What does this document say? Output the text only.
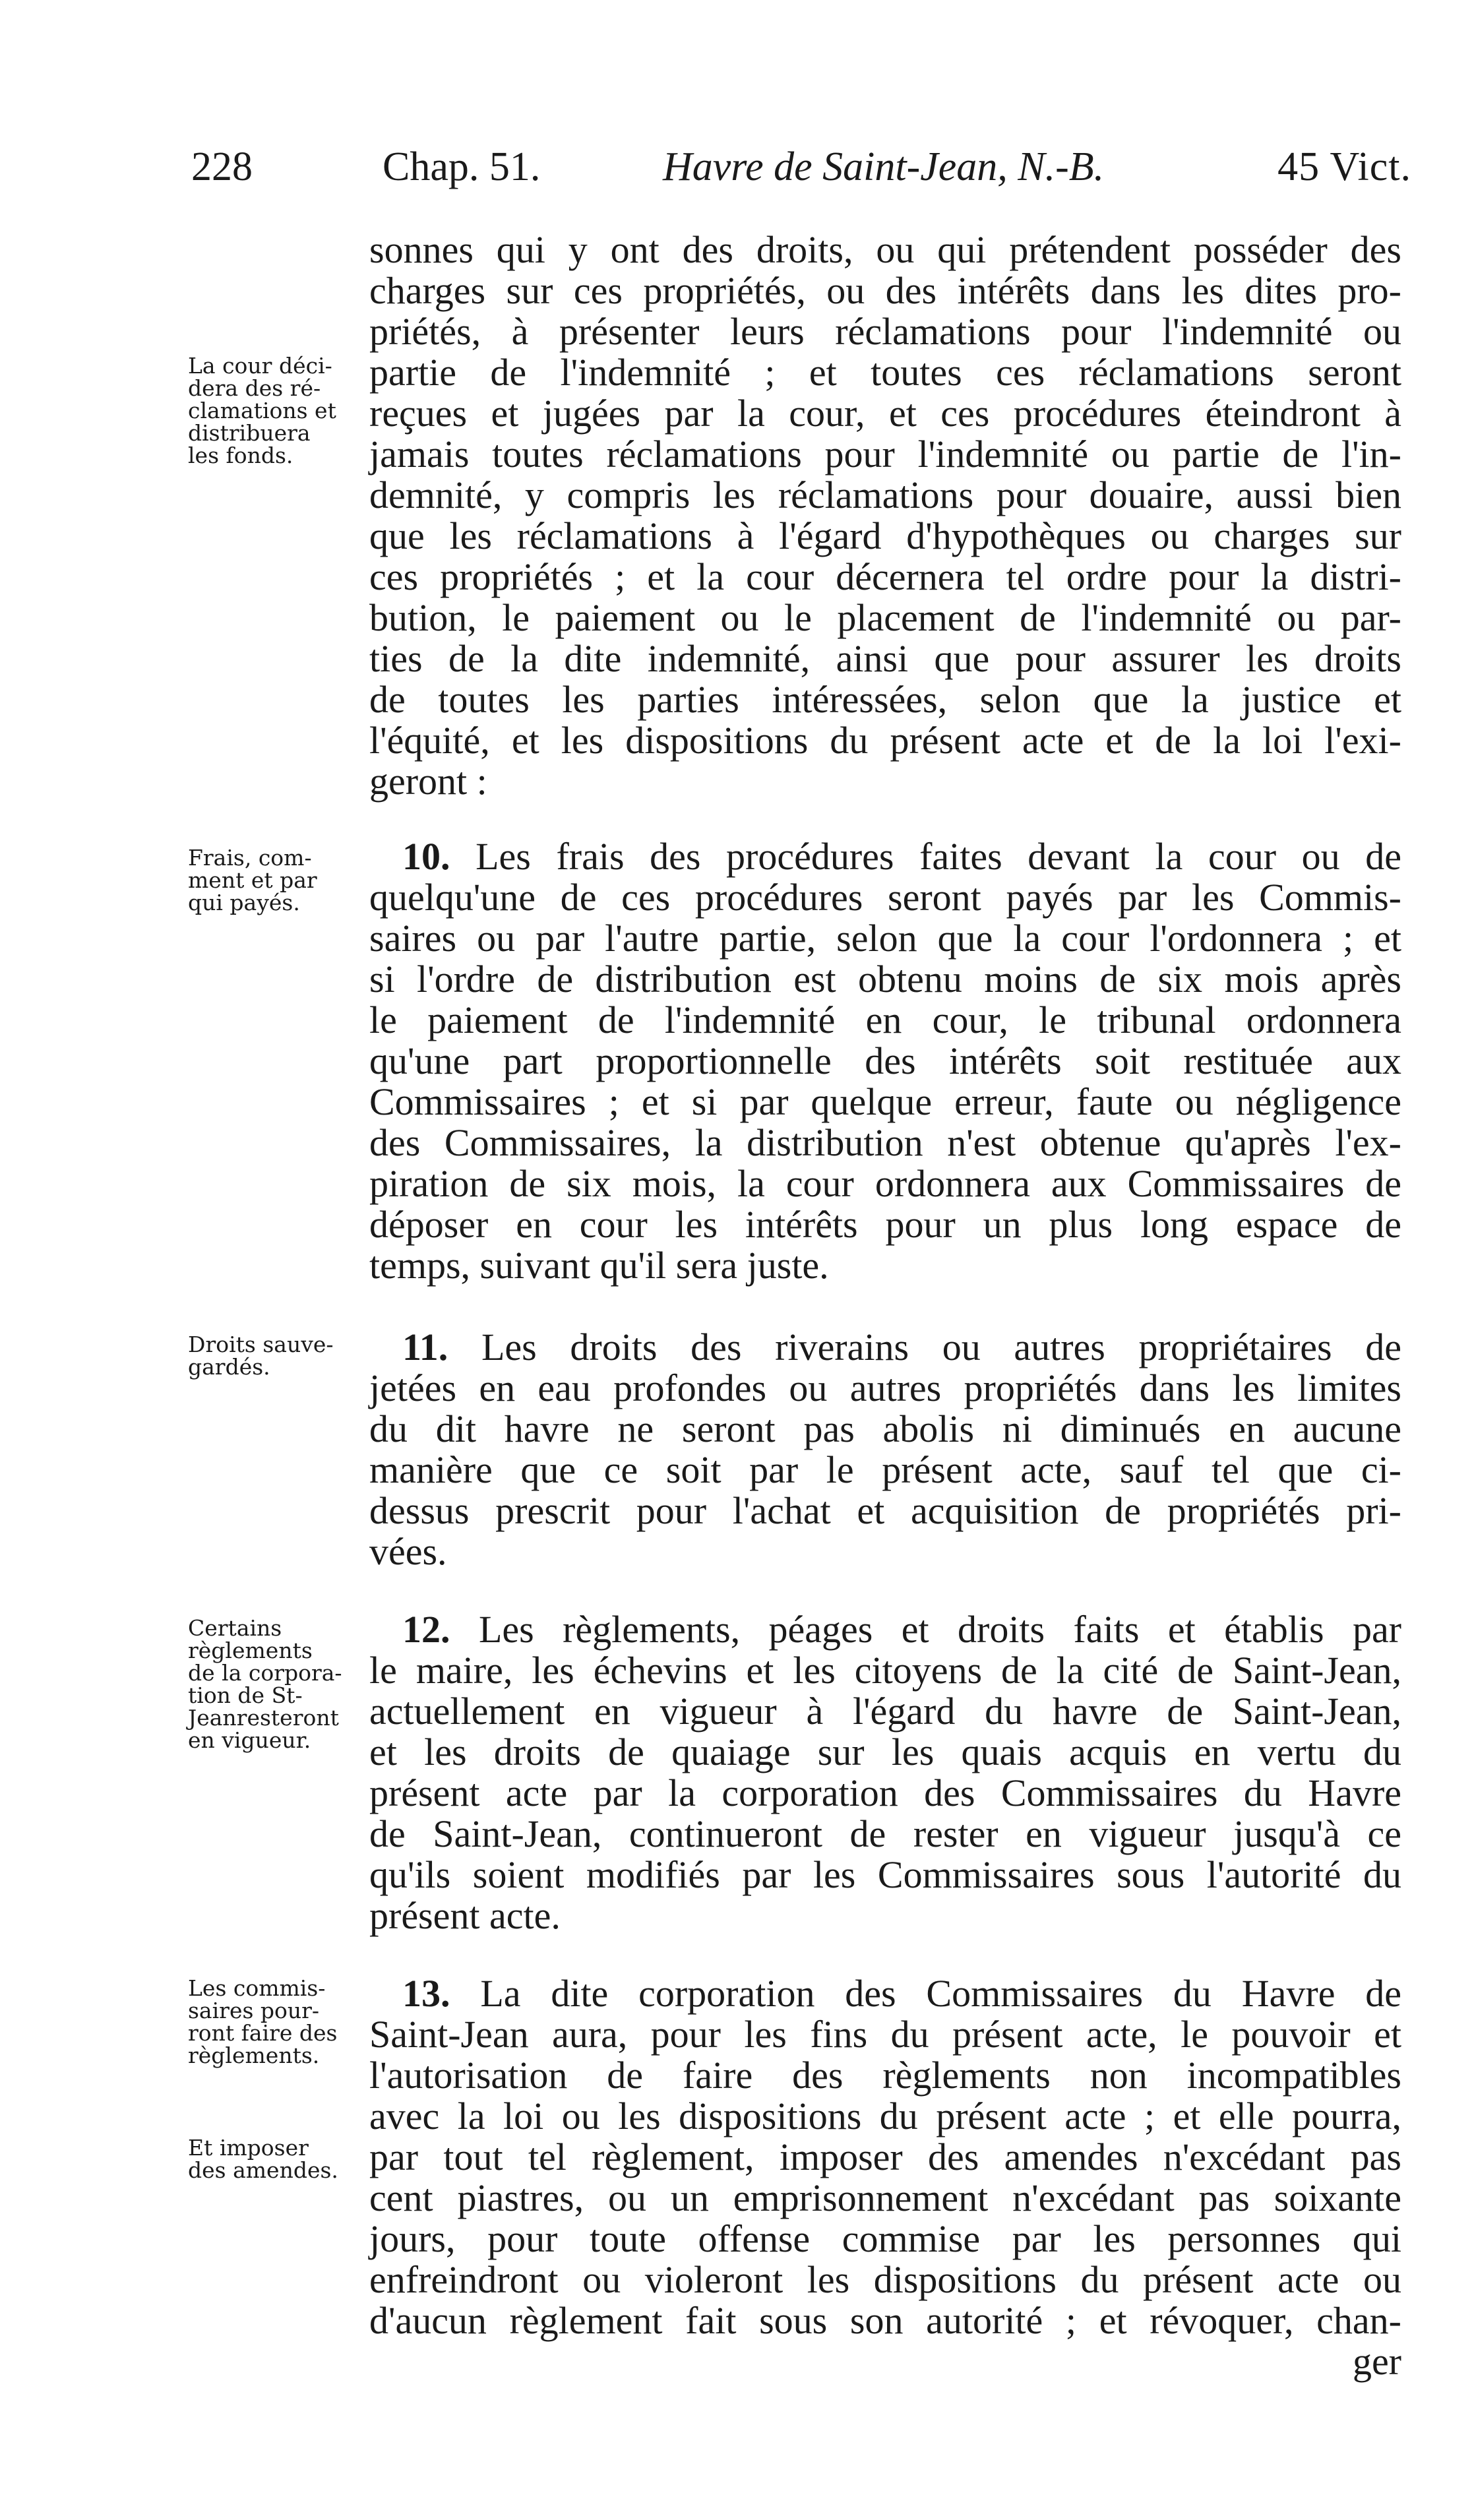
228	Chap. 51.	Havre de Saint-Jean, N.-B.	45 Vict.
sonnes qui y ont des droits, ou qui prétendent posséder des
charges sur ces propriétés, ou des intérêts dans les dites pro-
priétés, à présenter leurs réclamations pour l'indemnité ou
partie de l'indemnité ; et toutes ces réclamations seront
reçues et jugées par la cour, et ces procédures éteindront à
jamais toutes réclamations pour l'indemnité ou partie de l'in-
demnité, y compris les réclamations pour douaire, aussi bien
que les réclamations à l'égard d'hypothèques ou charges sur
ces propriétés ; et la cour décernera tel ordre pour la distri-
bution, le paiement ou le placement de l'indemnité ou par-
ties de la dite indemnité, ainsi que pour assurer les droits
de toutes les parties intéressées, selon que la justice et
l'équité, et les dispositions du présent acte et de la loi l'exi-
geront :
La cour déci-
dera des ré-
clamations et
distribuera
les fonds.
10. Les frais des procédures faites devant la cour ou de
quelqu'une de ces procédures seront payés par les Commis-
saires ou par l'autre partie, selon que la cour l'ordonnera ; et
si l'ordre de distribution est obtenu moins de six mois après
le paiement de l'indemnité en cour, le tribunal ordonnera
qu'une part proportionnelle des intérêts soit restituée aux
Commissaires ; et si par quelque erreur, faute ou négligence
des Commissaires, la distribution n'est obtenue qu'après l'ex-
piration de six mois, la cour ordonnera aux Commissaires de
déposer en cour les intérêts pour un plus long espace de
temps, suivant qu'il sera juste.
Frais, com-
ment et par
qui payés.
11. Les droits des riverains ou autres propriétaires de
jetées en eau profondes ou autres propriétés dans les limites
du dit havre ne seront pas abolis ni diminués en aucune
manière que ce soit par le présent acte, sauf tel que ci-
dessus prescrit pour l'achat et acquisition de propriétés pri-
vées.
Droits sauve-
gardés.
12. Les règlements, péages et droits faits et établis par
le maire, les échevins et les citoyens de la cité de Saint-Jean,
actuellement en vigueur à l'égard du havre de Saint-Jean,
et les droits de quaiage sur les quais acquis en vertu du
présent acte par la corporation des Commissaires du Havre
de Saint-Jean, continueront de rester en vigueur jusqu'à ce
qu'ils soient modifiés par les Commissaires sous l'autorité du
présent acte.
Certains
règlements
de la corpora-
tion de St-
Jeanresteront
en vigueur.
13. La dite corporation des Commissaires du Havre de
Saint-Jean aura, pour les fins du présent acte, le pouvoir et
l'autorisation de faire des règlements non incompatibles
avec la loi ou les dispositions du présent acte ; et elle pourra,
par tout tel règlement, imposer des amendes n'excédant pas
cent piastres, ou un emprisonnement n'excédant pas soixante
jours, pour toute offense commise par les personnes qui
enfreindront ou violeront les dispositions du présent acte ou
d'aucun règlement fait sous son autorité ; et révoquer, chan-
ger
Les commis-
saires pour-
ront faire des
règlements.
Et imposer
des amendes.
